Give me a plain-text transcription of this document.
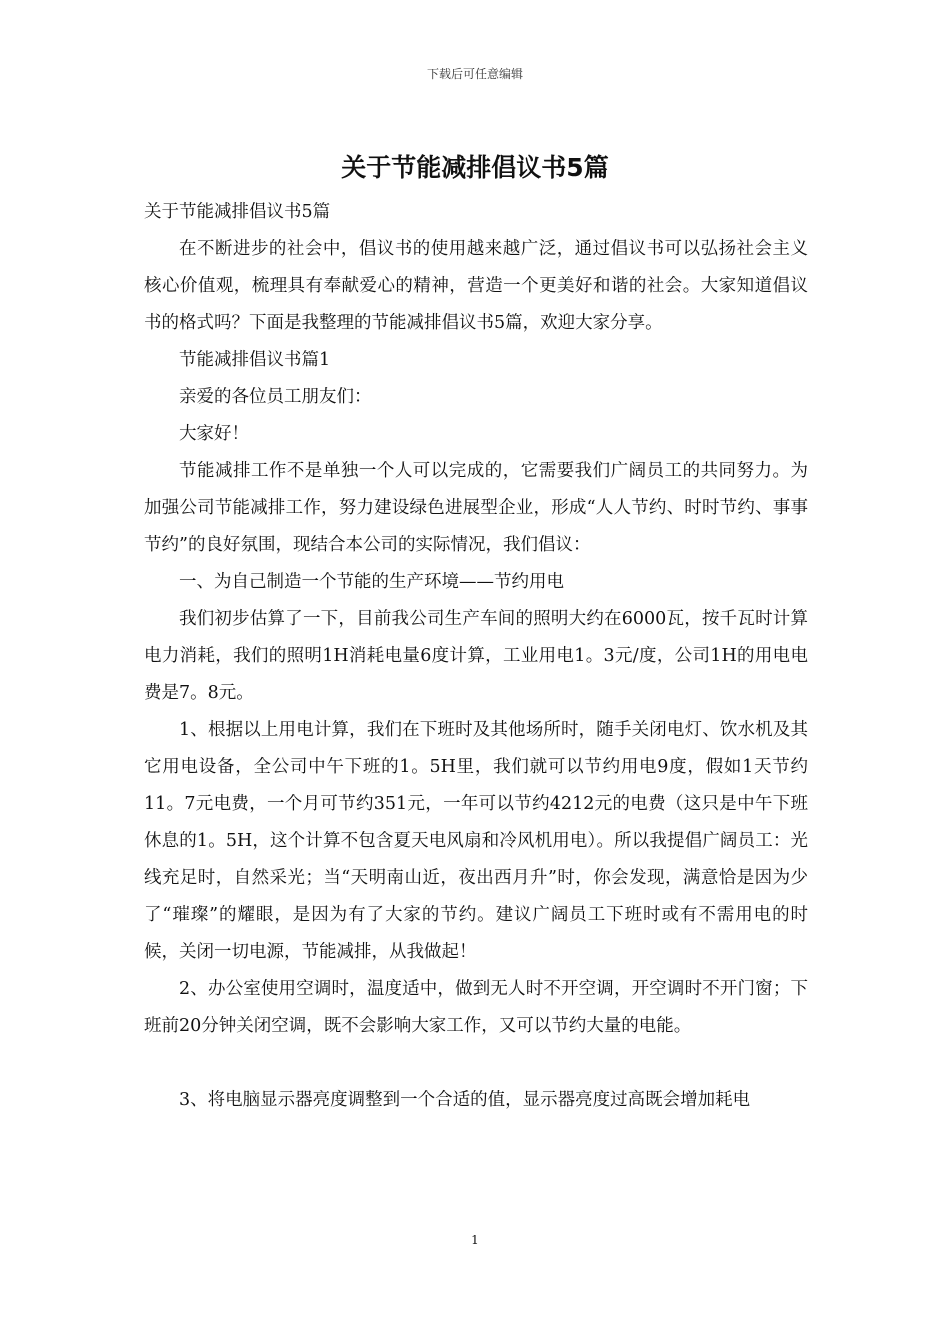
下载后可任意编辑
关于节能减排倡议书5篇

关于节能减排倡议书5篇

在不断进步的社会中，倡议书的使用越来越广泛，通过倡议书可以弘扬社会主义核心价值观，梳理具有奉献爱心的精神，营造一个更美好和谐的社会。大家知道倡议书的格式吗？下面是我整理的节能减排倡议书5篇，欢迎大家分享。

节能减排倡议书篇1

亲爱的各位员工朋友们：

大家好！

节能减排工作不是单独一个人可以完成的，它需要我们广阔员工的共同努力。为加强公司节能减排工作，努力建设绿色进展型企业，形成“人人节约、时时节约、事事节约”的良好氛围，现结合本公司的实际情况，我们倡议：

一、为自己制造一个节能的生产环境——节约用电

我们初步估算了一下，目前我公司生产车间的照明大约在6000瓦，按千瓦时计算电力消耗，我们的照明1H消耗电量6度计算，工业用电1。3元/度，公司1H的用电电费是7。8元。

1、根据以上用电计算，我们在下班时及其他场所时，随手关闭电灯、饮水机及其它用电设备，全公司中午下班的1。5H里，我们就可以节约用电9度，假如1天节约11。7元电费，一个月可节约351元，一年可以节约4212元的电费（这只是中午下班休息的1。5H，这个计算不包含夏天电风扇和冷风机用电）。所以我提倡广阔员工：光线充足时，自然采光；当“天明南山近，夜出西月升”时，你会发现，满意恰是因为少了“璀璨”的耀眼，是因为有了大家的节约。建议广阔员工下班时或有不需用电的时候，关闭一切电源，节能减排，从我做起！

2、办公室使用空调时，温度适中，做到无人时不开空调，开空调时不开门窗；下班前20分钟关闭空调，既不会影响大家工作，又可以节约大量的电能。

3、将电脑显示器亮度调整到一个合适的值，显示器亮度过高既会增加耗电

1
